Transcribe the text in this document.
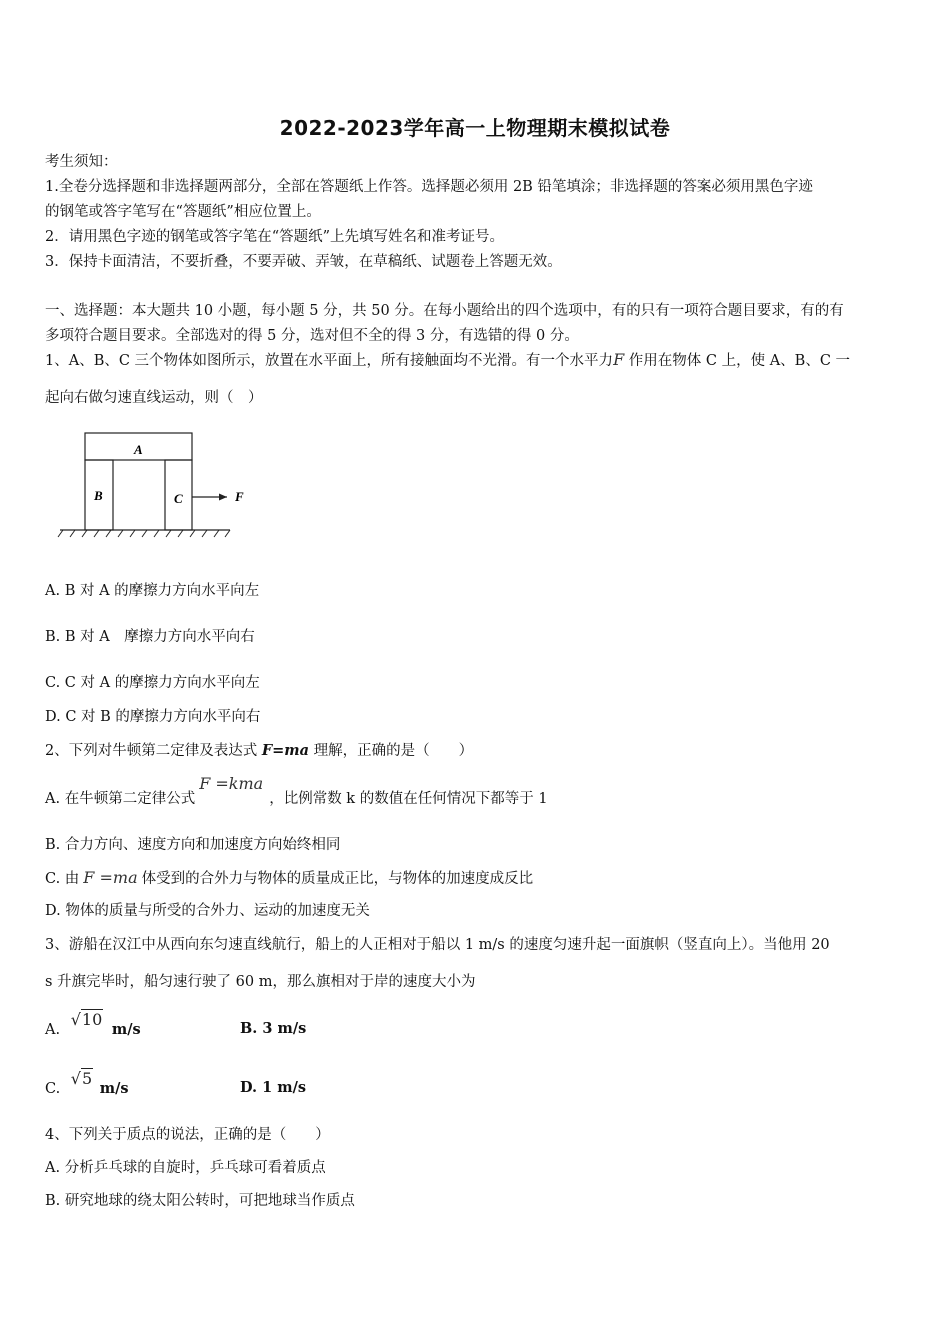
2022-2023学年高一上物理期末模拟试卷
考生须知：
1.全卷分选择题和非选择题两部分，全部在答题纸上作答。选择题必须用 2B 铅笔填涂；非选择题的答案必须用黑色字迹
的钢笔或答字笔写在“答题纸”相应位置上。
2．请用黑色字迹的钢笔或答字笔在“答题纸”上先填写姓名和准考证号。
3．保持卡面清洁，不要折叠，不要弄破、弄皱，在草稿纸、试题卷上答题无效。
一、选择题：本大题共 10 小题，每小题 5 分，共 50 分。在每小题给出的四个选项中，有的只有一项符合题目要求，有的有
多项符合题目要求。全部选对的得 5 分，选对但不全的得 3 分，有选错的得 0 分。
1、A、B、C 三个物体如图所示，放置在水平面上，所有接触面均不光滑。有一个水平力F 作用在物体 C 上，使 A、B、C 一
起向右做匀速直线运动，则（　）
A
B	C	F
A. B 对 A 的摩擦力方向水平向左
B. B 对 A　摩擦力方向水平向右
C. C 对 A 的摩擦力方向水平向左
D. C 对 B 的摩擦力方向水平向右
2、下列对牛顿第二定律及表达式 F=ma 理解，正确的是（　　）
A. 在牛顿第二定律公式F =kma，比例常数 k 的数值在任何情况下都等于 1
B. 合力方向、速度方向和加速度方向始终相同
C. 由 F =ma 体受到的合外力与物体的质量成正比，与物体的加速度成反比
D. 物体的质量与所受的合外力、运动的加速度无关
3、游船在汉江中从西向东匀速直线航行，船上的人正相对于船以 1 m/s 的速度匀速升起一面旗帜（竖直向上）。当他用 20
s 升旗完毕时，船匀速行驶了 60 m，那么旗相对于岸的速度大小为
A. √10 m/s	B. 3 m/s
C. √5 m/s	D. 1 m/s
4、下列关于质点的说法，正确的是（　　）
A. 分析乒乓球的自旋时，乒乓球可看着质点
B. 研究地球的绕太阳公转时，可把地球当作质点
